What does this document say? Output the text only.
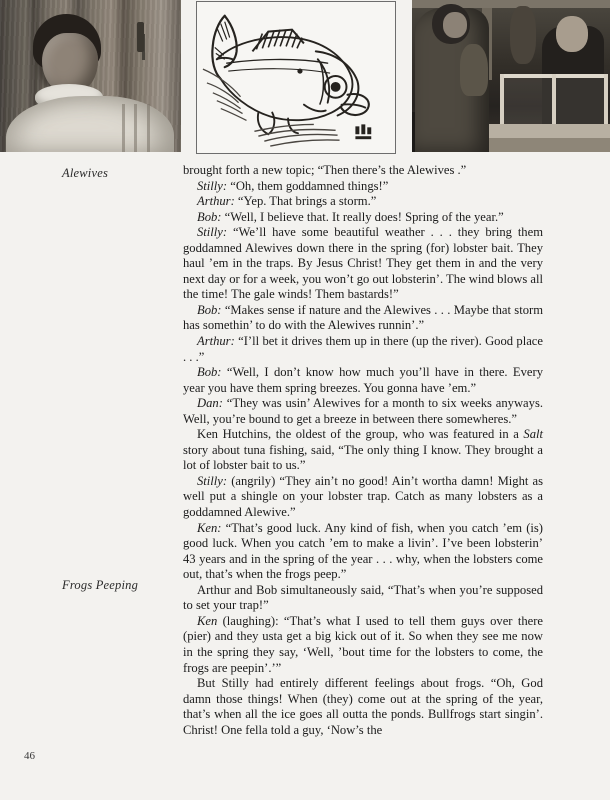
Alewives
Frogs Peeping

brought forth a new topic; “Then there’s the Alewives .”

Stilly: “Oh, them goddamned things!”

Arthur: “Yep. That brings a storm.”

Bob: “Well, I believe that. It really does! Spring of the year.”

Stilly: “We’ll have some beautiful weather . . . they bring them goddamned Alewives down there in the spring (for) lobster bait. They haul ’em in the traps. By Jesus Christ! They get them in and the very next day or for a week, you won’t go out lobsterin’. The wind blows all the time! The gale winds! Them bastards!”

Bob: “Makes sense if nature and the Alewives . . . Maybe that storm has somethin’ to do with the Alewives runnin’.”

Arthur: “I’ll bet it drives them up in there (up the river). Good place . . .”

Bob: “Well, I don’t know how much you’ll have in there. Every year you have them spring breezes. You gonna have ’em.”

Dan: “They was usin’ Alewives for a month to six weeks anyways. Well, you’re bound to get a breeze in between there somewheres.”

Ken Hutchins, the oldest of the group, who was featured in a Salt story about tuna fishing, said, “The only thing I know. They brought a lot of lobster bait to us.”

Stilly: (angrily) “They ain’t no good! Ain’t wortha damn! Might as well put a shingle on your lobster trap. Catch as many lobsters as a goddamned Alewive.”

Ken: “That’s good luck. Any kind of fish, when you catch ’em (is) good luck. When you catch ’em to make a livin’. I’ve been lobsterin’ 43 years and in the spring of the year . . . why, when the lobsters come out, that’s when the frogs peep.”

Arthur and Bob simultaneously said, “That’s when you’re supposed to set your trap!”

Ken (laughing): “That’s what I used to tell them guys over there (pier) and they usta get a big kick out of it. So when they see me now in the spring they say, ‘Well, ’bout time for the lobsters to come, the frogs are peepin’.’”

But Stilly had entirely different feelings about frogs. “Oh, God damn those things! When (they) come out at the spring of the year, that’s when all the ice goes all outta the ponds. Bullfrogs start singin’. Christ! One fella told a guy, ‘Now’s the

46
